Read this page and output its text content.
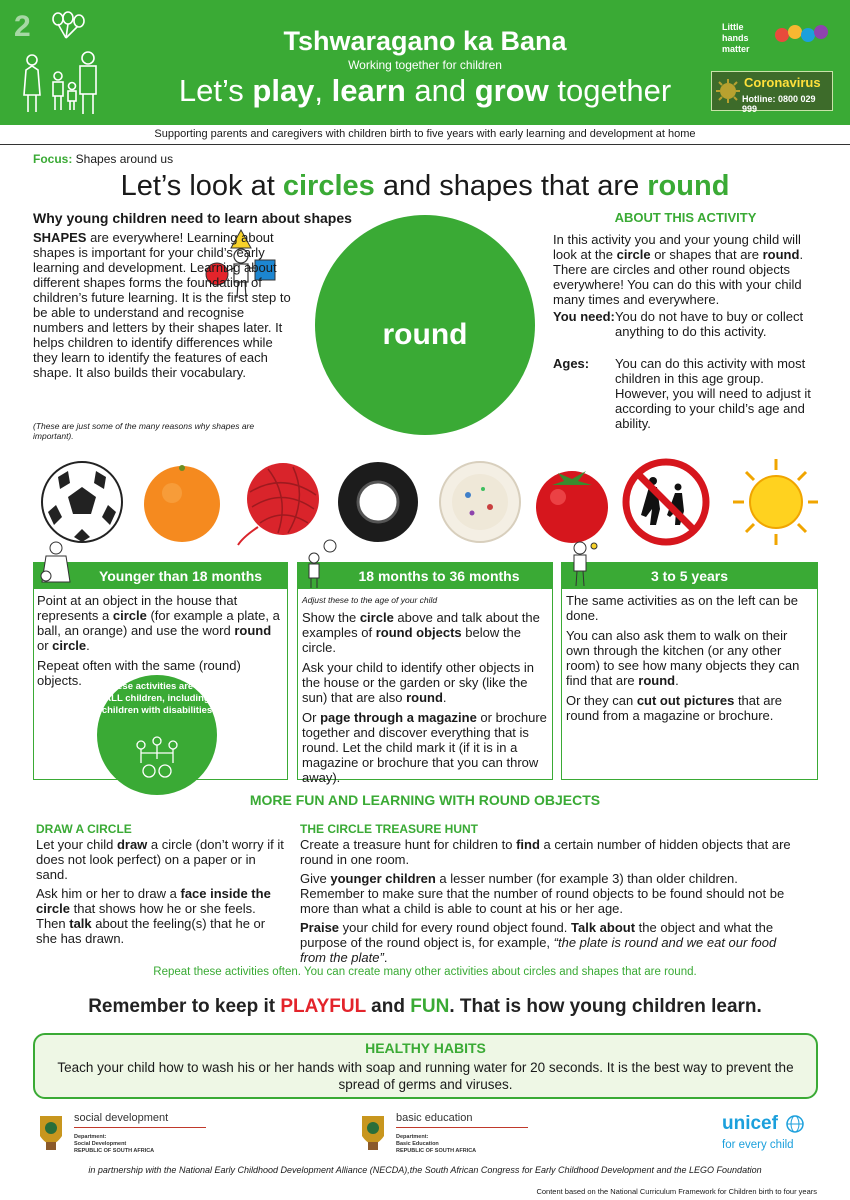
2	Tshwaragano ka Bana
Working together for children
Let’s play, learn and grow together
Little hands matter
Coronavirus
Hotline: 0800 029 999
Supporting parents and caregivers with children birth to five years with early learning and development at home
Focus: Shapes around us
Let’s look at circles and shapes that are round
Why young children need to learn about shapes
SHAPES are everywhere! Learning about shapes is important for your child’s early learning and development. Learning about different shapes forms the foundation of children’s future learning. It is the first step to be able to understand and recognise numbers and letters by their shapes later. It helps children to identify differences while they learn to identify the features of each shape. It also builds their vocabulary.
(These are just some of the many reasons why shapes are important).
round
ABOUT THIS ACTIVITY
In this activity you and your young child will look at the circle or shapes that are round. There are circles and other round objects everywhere! You can do this with your child many times and everywhere.
You need: You do not have to buy or collect anything to do this activity.
Ages: You can do this activity with most children in this age group. However, you will need to adjust it according to your child’s age and ability.
Younger than 18 months

Point at an object in the house that represents a circle (for example a plate, a ball, an orange) and use the word round or circle.

Repeat often with the same (round) objects.

18 months to 36 months

Adjust these to the age of your child

Show the circle above and talk about the examples of round objects below the circle.

Ask your child to identify other objects in the house or the garden or sky (like the sun) that are also round.

Or page through a magazine or brochure together and discover everything that is round. Let the child mark it (if it is in a magazine or brochure that you can throw away).

3 to 5 years

The same activities as on the left can be done.

You can also ask them to walk on their own through the kitchen (or any other room) to see how many objects they can find that are round.

Or they can cut out pictures that are round from a magazine or brochure.

These activities are for ALL children, including children with disabilities
MORE FUN AND LEARNING WITH ROUND OBJECTS
DRAW A CIRCLE

Let your child draw a circle (don’t worry if it does not look perfect) on a paper or in sand.

Ask him or her to draw a face inside the circle that shows how he or she feels. Then talk about the feeling(s) that he or she has drawn.

THE CIRCLE TREASURE HUNT

Create a treasure hunt for children to find a certain number of hidden objects that are round in one room.

Give younger children a lesser number (for example 3) than older children. Remember to make sure that the number of round objects to be found should not be more than what a child is able to count at his or her age.

Praise your child for every round object found. Talk about the object and what the purpose of the round object is, for example, “the plate is round and we eat our food from the plate”.

Repeat these activities often. You can create many other activities about circles and shapes that are round.
Remember to keep it PLAYFUL and FUN. That is how young children learn.
HEALTHY HABITS
Teach your child how to wash his or her hands with soap and running water for 20 seconds. It is the best way to prevent the spread of germs and viruses.
social development
Department:
Social Development
REPUBLIC OF SOUTH AFRICA
basic education
Department:
Basic Education
REPUBLIC OF SOUTH AFRICA
unicef
for every child
in partnership with the National Early Childhood Development Alliance (NECDA),the South African Congress for Early Childhood Development and the LEGO Foundation
Content based on the National Curriculum Framework for Children birth to four years
